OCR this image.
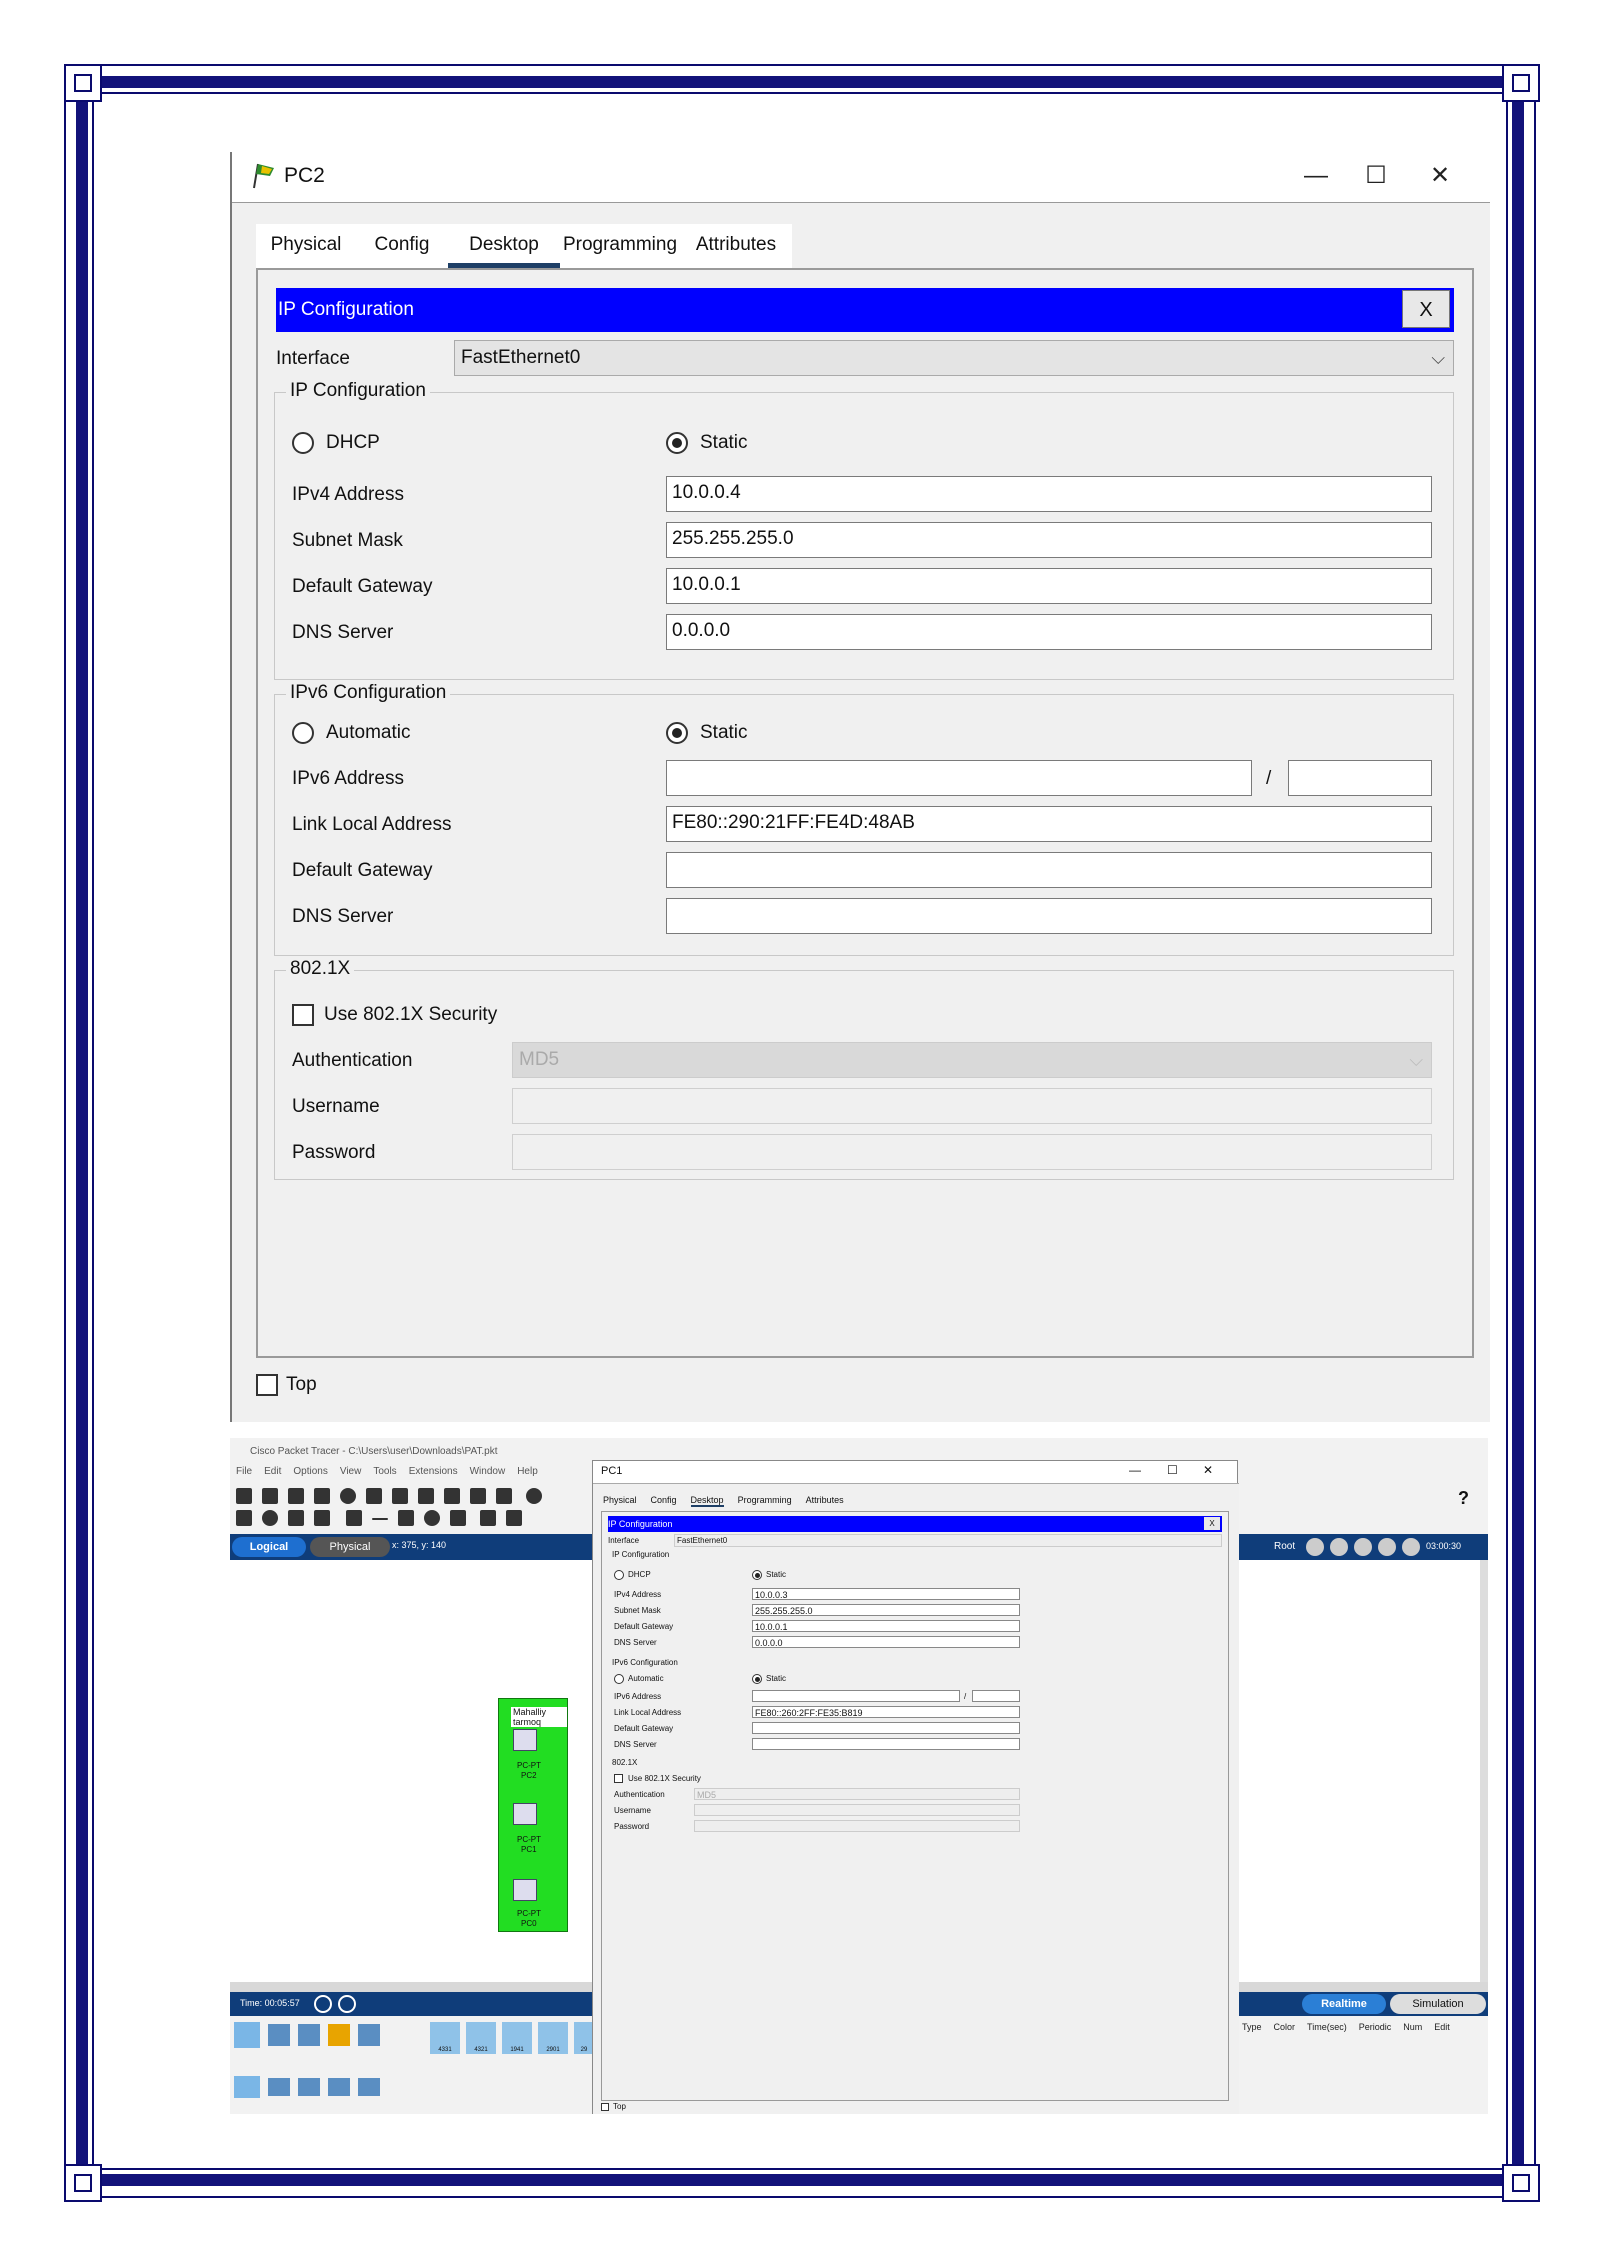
PC2	—	☐	✕
Physical	Config	Desktop	Programming Attributes
IP Configuration	X
Interface	FastEthernet0	⌵
IP Configuration
DHCP	Static
IPv4 Address	10.0.0.4
Subnet Mask	255.255.255.0
Default Gateway	10.0.0.1
DNS Server	0.0.0.0
IPv6 Configuration
Automatic	Static
IPv6 Address	/
Link Local Address	FE80::290:21FF:FE4D:48AB
Default Gateway
DNS Server
802.1X
Use 802.1X Security
Authentication	MD5	⌵
Username
Password
Top
Cisco Packet Tracer - C:\Users\user\Downloads\PAT.pkt
File Edit Options View Tools Extensions Window Help
?
Logical	Physical	x: 375, y: 140	Root	03:00:30
Mahalliy tarmoq
PC-PT
PC2
PC-PT
PC1
PC-PT
PC0
Time: 00:05:57	Realtime	Simulation
Type Color Time(sec) Periodic Num Edit
4331	4321	1941	2901	29
PC1	— ☐ ✕
Physical Config Desktop Programming Attributes
IP Configuration	X
Interface	FastEthernet0
IP Configuration
DHCP	Static
IPv4 Address	10.0.0.3
Subnet Mask	255.255.255.0
Default Gateway	10.0.0.1
DNS Server	0.0.0.0
IPv6 Configuration
Automatic	Static
IPv6 Address	/
Link Local Address	FE80::260:2FF:FE35:B819
Default Gateway
DNS Server
802.1X
Use 802.1X Security
Authentication	MD5
Username
Password
Top
